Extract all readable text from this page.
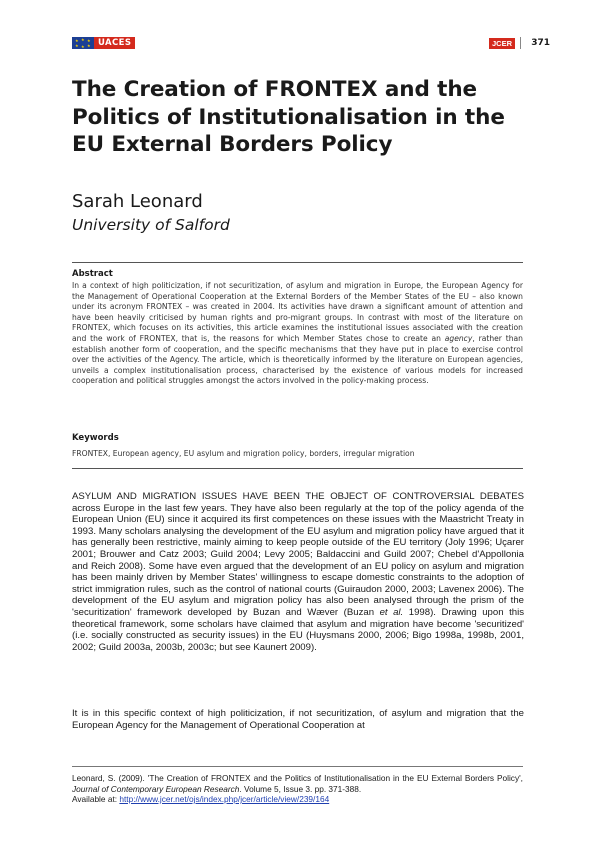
★ ★ ★
★ ★ ★ UACES	JCER	371
The Creation of FRONTEX and the Politics of Institutionalisation in the EU External Borders Policy
Sarah Leonard
University of Salford
Abstract

In a context of high politicization, if not securitization, of asylum and migration in Europe, the European Agency for the Management of Operational Cooperation at the External Borders of the Member States of the EU – also known under its acronym FRONTEX – was created in 2004. Its activities have drawn a significant amount of attention and have been heavily criticised by human rights and pro-migrant groups. In contrast with most of the literature on FRONTEX, which focuses on its activities, this article examines the institutional issues associated with the creation and the work of FRONTEX, that is, the reasons for which Member States chose to create an agency, rather than establish another form of cooperation, and the specific mechanisms that they have put in place to exercise control over the activities of the Agency. The article, which is theoretically informed by the literature on European agencies, unveils a complex institutionalisation process, characterised by the existence of various models for increased cooperation and political struggles amongst the actors involved in the policy-making process.

Keywords

FRONTEX, European agency, EU asylum and migration policy, borders, irregular migration

ASYLUM AND MIGRATION ISSUES HAVE BEEN THE OBJECT OF CONTROVERSIAL DEBATES across Europe in the last few years. They have also been regularly at the top of the policy agenda of the European Union (EU) since it acquired its first competences on these issues with the Maastricht Treaty in 1993. Many scholars analysing the development of the EU asylum and migration policy have argued that it has generally been restrictive, mainly aiming to keep people outside of the EU territory (Joly 1996; Uçarer 2001; Brouwer and Catz 2003; Guild 2004; Levy 2005; Baldaccini and Guild 2007; Chebel d'Appollonia and Reich 2008). Some have even argued that the development of an EU policy on asylum and migration has been mainly driven by Member States' willingness to escape domestic constraints to the adoption of strict immigration rules, such as the control of national courts (Guiraudon 2000, 2003; Lavenex 2006). The development of the EU asylum and migration policy has also been analysed through the prism of the 'securitization' framework developed by Buzan and Wæver (Buzan et al. 1998). Drawing upon this theoretical framework, some scholars have claimed that asylum and migration have become 'securitized' (i.e. socially constructed as security issues) in the EU (Huysmans 2000, 2006; Bigo 1998a, 1998b, 2001, 2002; Guild 2003a, 2003b, 2003c; but see Kaunert 2009).

It is in this specific context of high politicization, if not securitization, of asylum and migration that the European Agency for the Management of Operational Cooperation at

Leonard, S. (2009). 'The Creation of FRONTEX and the Politics of Institutionalisation in the EU External Borders Policy', Journal of Contemporary European Research. Volume 5, Issue 3. pp. 371-388.
Available at: http://www.jcer.net/ojs/index.php/jcer/article/view/239/164
